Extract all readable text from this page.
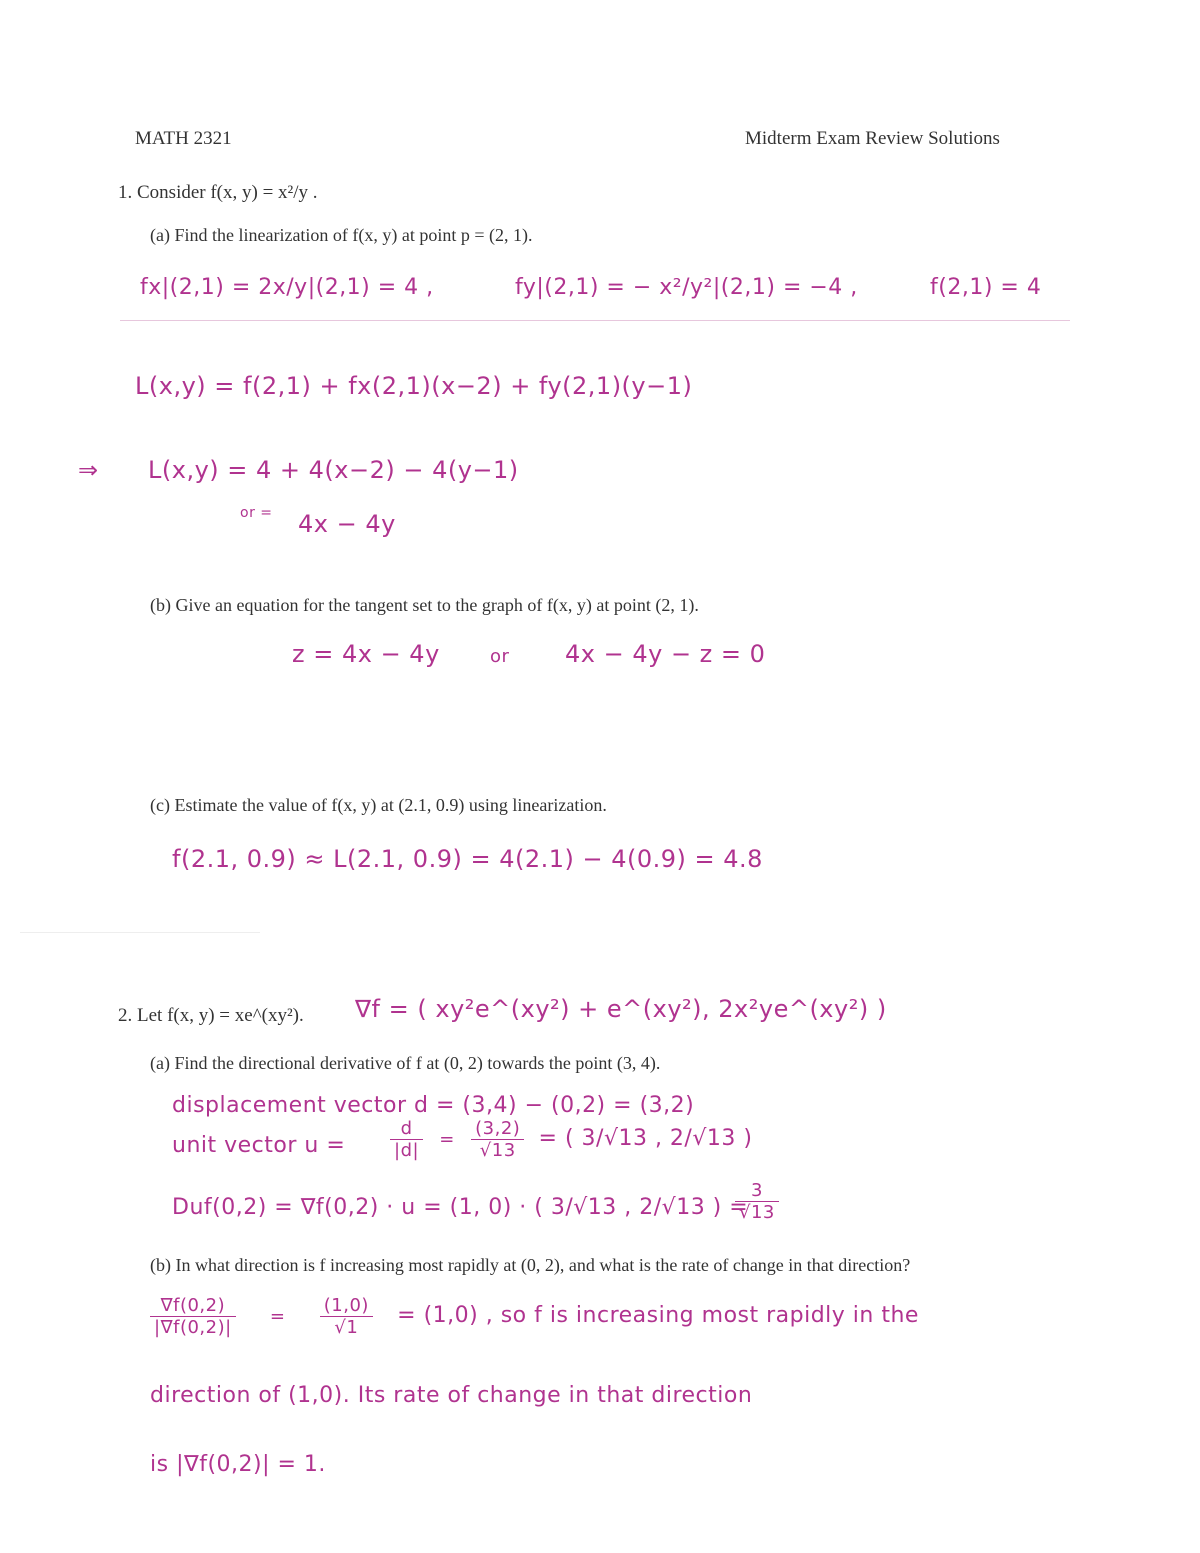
MATH 2321	Midterm Exam Review Solutions
1. Consider f(x, y) = x²/y .
(a) Find the linearization of f(x, y) at point p = (2, 1).
fx|(2,1) = 2x/y|(2,1) = 4 ,	fy|(2,1) = − x²/y²|(2,1) = −4 ,	f(2,1) = 4
L(x,y) = f(2,1) + fx(2,1)(x−2) + fy(2,1)(y−1)
⇒ L(x,y) = 4 + 4(x−2) − 4(y−1)
or = 4x − 4y
(b) Give an equation for the tangent set to the graph of f(x, y) at point (2, 1).
z = 4x − 4y	or 4x − 4y − z = 0
(c) Estimate the value of f(x, y) at (2.1, 0.9) using linearization.
f(2.1, 0.9) ≈ L(2.1, 0.9) = 4(2.1) − 4(0.9) = 4.8
2. Let f(x, y) = xe^(xy²). ∇f = ( xy²e^(xy²) + e^(xy²), 2x²ye^(xy²) )
(a) Find the directional derivative of f at (0, 2) towards the point (3, 4).
displacement vector d = (3,4) − (0,2) = (3,2)
unit vector $u = \frac{d}{|d|} = \frac{(3,2)}{√13}$ = ( 3/√13 , 2/√13 )
Duf(0,2) = ∇f(0,2) · u = (1, 0) · ( 3/√13 , 2/√13 ) =
$\frac{3}{√13}$
(b) In what direction is f increasing most rapidly at (0, 2), and what is the rate of change in that direction?
$\frac{\nabla f(0,2)}{|\nabla f(0,2)|} = \frac{(1,0)}{√1} = (1,0)$ , so f is increasing most rapidly in the
direction of (1,0). Its rate of change in that direction
is |∇f(0,2)| = 1.
